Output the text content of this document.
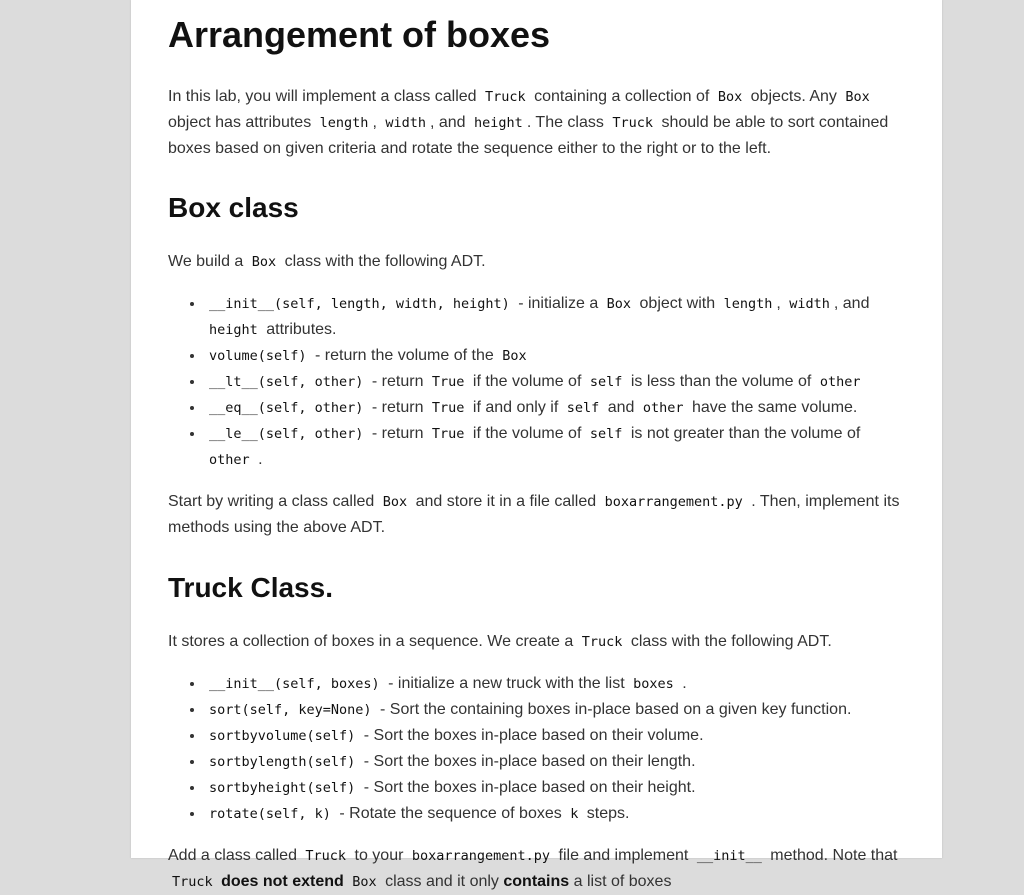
Arrangement of boxes

In this lab, you will implement a class called Truck containing a collection of Box objects. Any Box object has attributes length , width , and height . The class Truck should be able to sort contained boxes based on given criteria and rotate the sequence either to the right or to the left.

Box class

We build a Box class with the following ADT.

• __init__(self, length, width, height) - initialize a Box object with length , width , and height attributes.
• volume(self) - return the volume of the Box
• __lt__(self, other) - return True if the volume of self is less than the volume of other
• __eq__(self, other) - return True if and only if self and other have the same volume.
• __le__(self, other) - return True if the volume of self is not greater than the volume of other .

Start by writing a class called Box and store it in a file called boxarrangement.py . Then, implement its methods using the above ADT.

Truck Class.

It stores a collection of boxes in a sequence. We create a Truck class with the following ADT.

• __init__(self, boxes) - initialize a new truck with the list boxes .
• sort(self, key=None) - Sort the containing boxes in-place based on a given key function.
• sortbyvolume(self) - Sort the boxes in-place based on their volume.
• sortbylength(self) - Sort the boxes in-place based on their length.
• sortbyheight(self) - Sort the boxes in-place based on their height.
• rotate(self, k) - Rotate the sequence of boxes k steps.

Add a class called Truck to your boxarrangement.py file and implement __init__ method. Note that Truck does not extend Box class and it only contains a list of boxes
